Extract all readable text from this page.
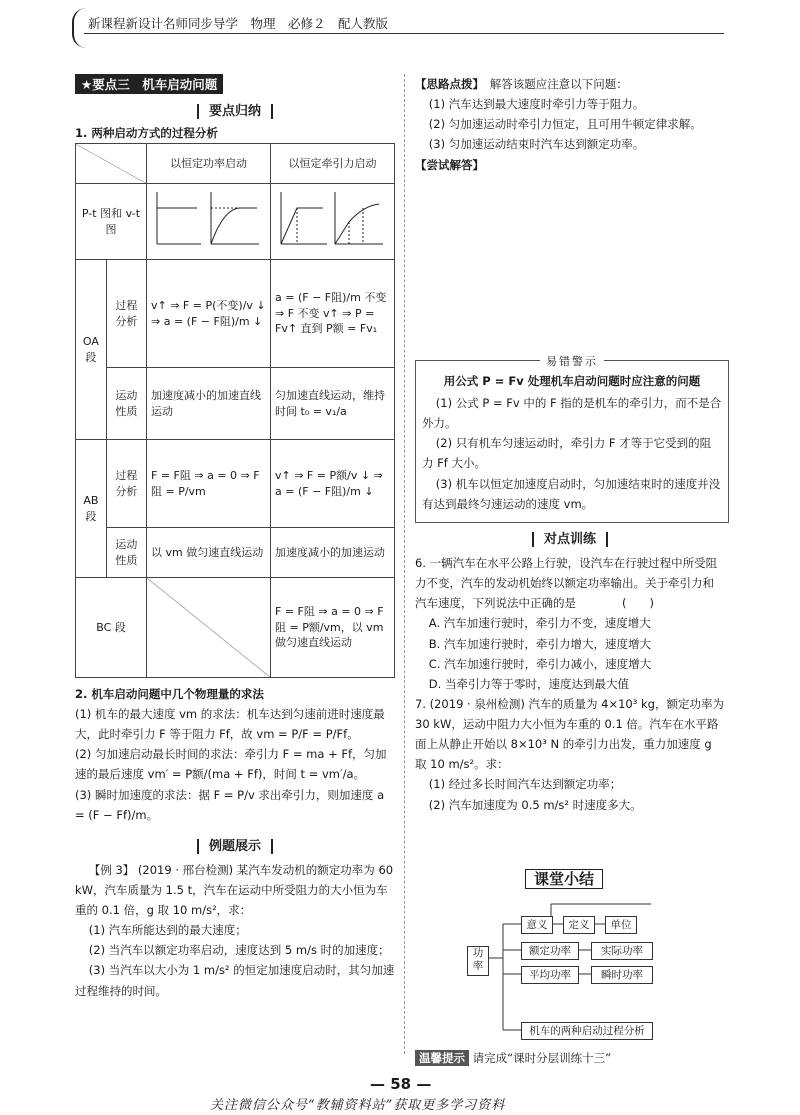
新课程新设计名师同步导学　物理　必修２　配人教版
★要点三　机车启动问题
要点归纳
1. 两种启动方式的过程分析
		以恒定功率启动	以恒定牵引力启动
P-t 图和 v-t 图		
OA 段	过程分析	v↑ ⇒ F = P(不变)/v ↓ ⇒ a = (F − F阻)/m ↓	a = (F − F阻)/m 不变 ⇒ F 不变 v↑ ⇒ P = Fv↑ 直到 P额 = Fv₁
	运动性质	加速度减小的加速直线运动	匀加速直线运动，维持时间 t₀ = v₁/a
AB 段	过程分析	F = F阻 ⇒ a = 0 ⇒ F阻 = P/vm	v↑ ⇒ F = P额/v ↓ ⇒ a = (F − F阻)/m ↓
	运动性质	以 vm 做匀速直线运动	加速度减小的加速运动
BC 段			F = F阻 ⇒ a = 0 ⇒ F阻 = P额/vm，以 vm 做匀速直线运动
2. 机车启动问题中几个物理量的求法

(1) 机车的最大速度 vm 的求法：机车达到匀速前进时速度最大，此时牵引力 F 等于阻力 Ff，故 vm = P/F = P/Ff。

(2) 匀加速启动最长时间的求法：牵引力 F = ma + Ff，匀加速的最后速度 vm′ = P额/(ma + Ff)，时间 t = vm′/a。

(3) 瞬时加速度的求法：据 F = P/v 求出牵引力，则加速度 a = (F − Ff)/m。

例题展示

【例 3】 (2019 · 邢台检测) 某汽车发动机的额定功率为 60 kW，汽车质量为 1.5 t，汽车在运动中所受阻力的大小恒为车重的 0.1 倍，g 取 10 m/s²，求：

(1) 汽车所能达到的最大速度；

(2) 当汽车以额定功率启动，速度达到 5 m/s 时的加速度；

(3) 当汽车以大小为 1 m/s² 的恒定加速度启动时，其匀加速过程维持的时间。

【思路点拨】　 解答该题应注意以下问题：

(1) 汽车达到最大速度时牵引力等于阻力。

(2) 匀加速运动时牵引力恒定，且可用牛顿定律求解。

(3) 匀加速运动结束时汽车达到额定功率。

【尝试解答】

易错警示
用公式 P = Fv 处理机车启动问题时应注意的问题

(1) 公式 P = Fv 中的 F 指的是机车的牵引力，而不是合外力。

(2) 只有机车匀速运动时，牵引力 F 才等于它受到的阻力 Ff 大小。

(3) 机车以恒定加速度启动时，匀加速结束时的速度并没有达到最终匀速运动的速度 vm。

对点训练

6. 一辆汽车在水平公路上行驶，设汽车在行驶过程中所受阻力不变，汽车的发动机始终以额定功率输出。关于牵引力和汽车速度，下列说法中正确的是　　　　(　　)

A. 汽车加速行驶时，牵引力不变，速度增大

B. 汽车加速行驶时，牵引力增大，速度增大

C. 汽车加速行驶时，牵引力减小，速度增大

D. 当牵引力等于零时，速度达到最大值

7. (2019 · 泉州检测) 汽车的质量为 4×10³ kg，额定功率为 30 kW，运动中阻力大小恒为车重的 0.1 倍。汽车在水平路面上从静止开始以 8×10³ N 的牵引力出发，重力加速度 g 取 10 m/s²。求：

(1) 经过多长时间汽车达到额定功率；

(2) 汽车加速度为 0.5 m/s² 时速度多大。

课堂小结
功率
意义	定义	单位
额定功率	实际功率
平均功率	瞬时功率
机车的两种启动过程分析
温馨提示 请完成“课时分层训练十三”
— 58 —
关注微信公众号“教辅资料站”获取更多学习资料
